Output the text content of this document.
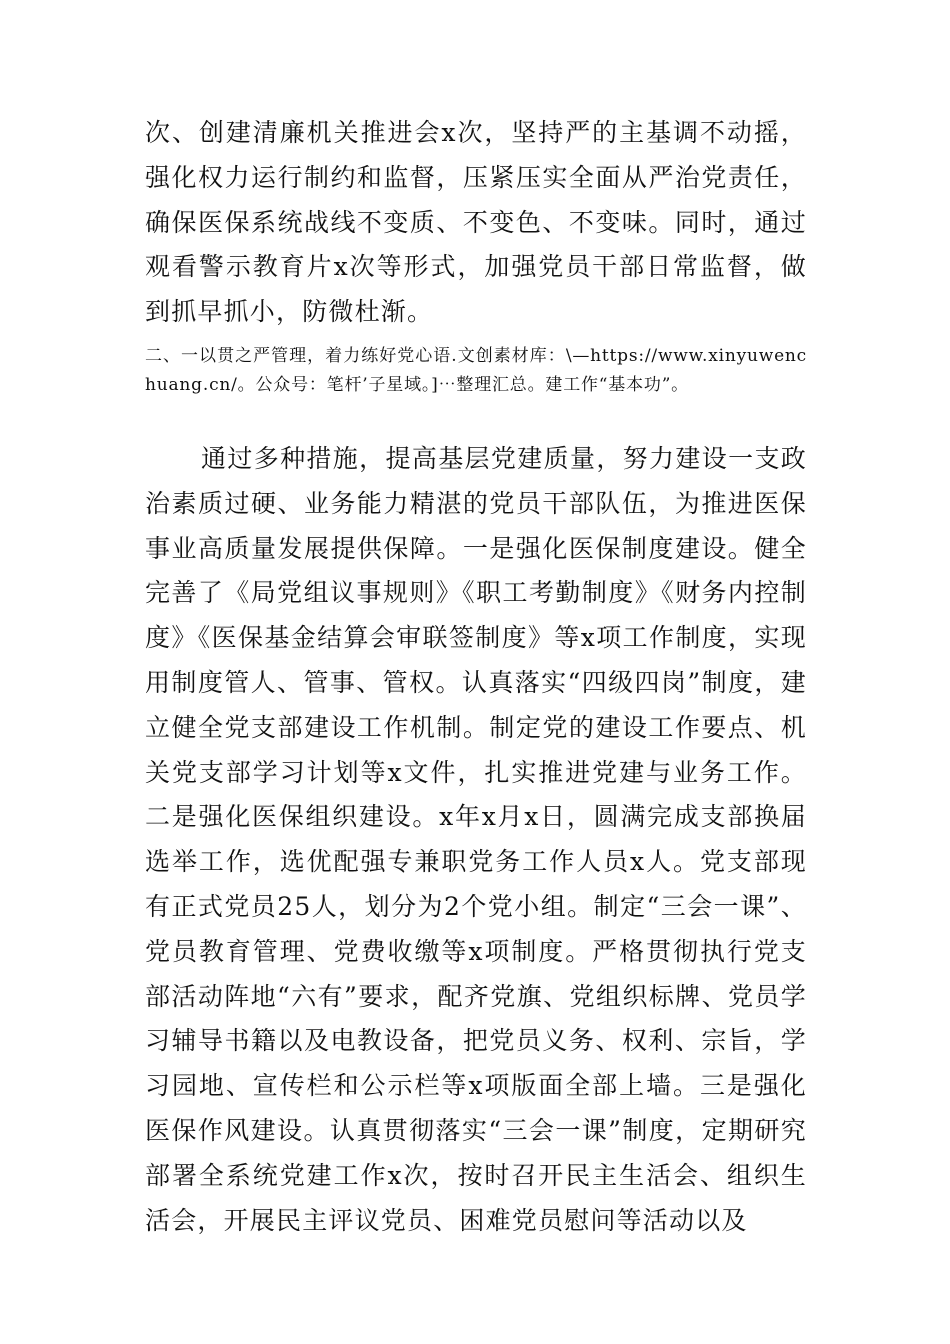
次、创建清廉机关推进会x次，坚持严的主基调不动摇，强化权力运行制约和监督，压紧压实全面从严治党责任，确保医保系统战线不变质、不变色、不变味。同时，通过观看警示教育片x次等形式，加强党员干部日常监督，做到抓早抓小，防微杜渐。

二、一以贯之严管理，着力练好党心语.文创素材库：\—https://www.xinyuwenchuang.cn/。公众号：笔杆’子星域。]⋯整理汇总。建工作“基本功”。

通过多种措施，提高基层党建质量，努力建设一支政治素质过硬、业务能力精湛的党员干部队伍，为推进医保事业高质量发展提供保障。一是强化医保制度建设。健全完善了《局党组议事规则》《职工考勤制度》《财务内控制度》《医保基金结算会审联签制度》等x项工作制度，实现用制度管人、管事、管权。认真落实“四级四岗”制度，建立健全党支部建设工作机制。制定党的建设工作要点、机关党支部学习计划等x文件，扎实推进党建与业务工作。二是强化医保组织建设。x年x月x日，圆满完成支部换届选举工作，选优配强专兼职党务工作人员x人。党支部现有正式党员25人，划分为2个党小组。制定“三会一课”、党员教育管理、党费收缴等x项制度。严格贯彻执行党支部活动阵地“六有”要求，配齐党旗、党组织标牌、党员学习辅导书籍以及电教设备，把党员义务、权利、宗旨，学习园地、宣传栏和公示栏等x项版面全部上墙。三是强化医保作风建设。认真贯彻落实“三会一课”制度，定期研究部署全系统党建工作x次，按时召开民主生活会、组织生活会，开展民主评议党员、困难党员慰问等活动以及
